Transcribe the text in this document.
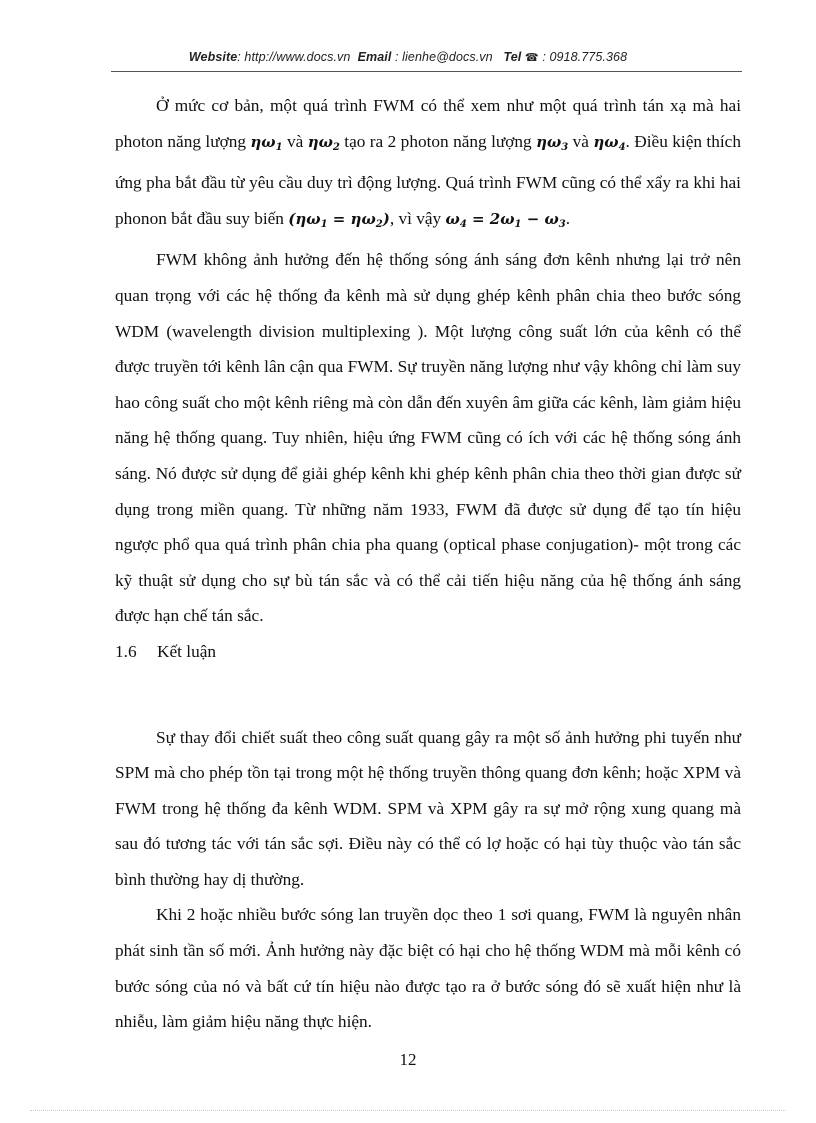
Website: http://www.docs.vn Email : lienhe@docs.vn Tel ☎ : 0918.775.368

Ở mức cơ bản, một quá trình FWM có thể xem như một quá trình tán xạ mà hai photon năng lượng $\eta\omega_1$ và $\eta\omega_2$ tạo ra 2 photon năng lượng $\eta\omega_3$ và $\eta\omega_4$. Điều kiện thích ứng pha bắt đầu từ yêu cầu duy trì động lượng. Quá trình FWM cũng có thể xẩy ra khi hai phonon bắt đầu suy biến $(\eta\omega_1 = \eta\omega_2)$, vì vậy $\omega_4 = 2\omega_1 - \omega_3$.

FWM không ảnh hưởng đến hệ thống sóng ánh sáng đơn kênh nhưng lại trở nên quan trọng với các hệ thống đa kênh mà sử dụng ghép kênh phân chia theo bước sóng WDM (wavelength division multiplexing ). Một lượng công suất lớn của kênh có thể được truyền tới kênh lân cận qua FWM. Sự truyền năng lượng như vậy không chỉ làm suy hao công suất cho một kênh riêng mà còn dẫn đến xuyên âm giữa các kênh, làm giảm hiệu năng hệ thống quang. Tuy nhiên, hiệu ứng FWM cũng có ích với các hệ thống sóng ánh sáng. Nó được sử dụng để giải ghép kênh khi ghép kênh phân chia theo thời gian được sử dụng trong miền quang. Từ những năm 1933, FWM đã được sử dụng để tạo tín hiệu ngược phổ qua quá trình phân chia pha quang (optical phase conjugation)- một trong các kỹ thuật sử dụng cho sự bù tán sắc và có thể cải tiến hiệu năng của hệ thống ánh sáng được hạn chế tán sắc.

1.6 Kết luận

Sự thay đổi chiết suất theo công suất quang gây ra một số ảnh hưởng phi tuyến như SPM mà cho phép tồn tại trong một hệ thống truyền thông quang đơn kênh; hoặc XPM và FWM trong hệ thống đa kênh WDM. SPM và XPM gây ra sự mở rộng xung quang mà sau đó tương tác với tán sắc sợi. Điều này có thể có lợ hoặc có hại tùy thuộc vào tán sắc bình thường hay dị thường.

Khi 2 hoặc nhiều bước sóng lan truyền dọc theo 1 sơi quang, FWM là nguyên nhân phát sinh tần số mới. Ảnh hưởng này đặc biệt có hại cho hệ thống WDM mà mỗi kênh có bước sóng của nó và bất cứ tín hiệu nào được tạo ra ở bước sóng đó sẽ xuất hiện như là nhiễu, làm giảm hiệu năng thực hiện.

12
